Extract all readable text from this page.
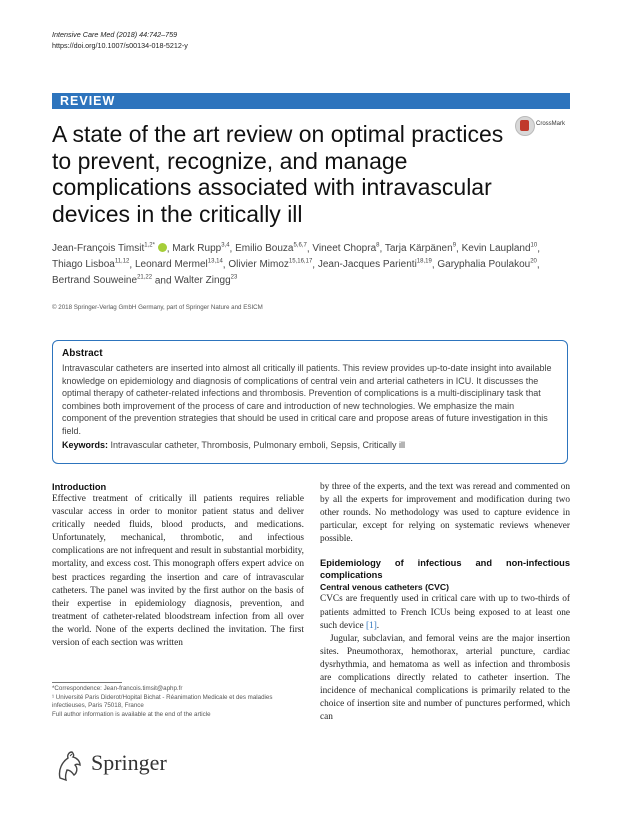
Intensive Care Med (2018) 44:742–759
https://doi.org/10.1007/s00134-018-5212-y
REVIEW
CrossMark
A state of the art review on optimal practices to prevent, recognize, and manage complications associated with intravascular devices in the critically ill
Jean-François Timsit$^{1,2*}$ , Mark Rupp$^{3,4}$, Emilio Bouza$^{5,6,7}$, Vineet Chopra$^8$, Tarja Kärpänen$^9$, Kevin Laupland$^{10}$, Thiago Lisboa$^{11,12}$, Leonard Mermel$^{13,14}$, Olivier Mimoz$^{15,16,17}$, Jean-Jacques Parienti$^{18,19}$, Garyphalia Poulakou$^{20}$, Bertrand Souweine$^{21,22}$ and Walter Zingg$^{23}$
© 2018 Springer-Verlag GmbH Germany, part of Springer Nature and ESICM
Abstract
Intravascular catheters are inserted into almost all critically ill patients. This review provides up-to-date insight into available knowledge on epidemiology and diagnosis of complications of central vein and arterial catheters in ICU. It discusses the optimal therapy of catheter-related infections and thrombosis. Prevention of complications is a multi-disciplinary task that combines both improvement of the process of care and introduction of new technologies. We emphasize the main component of the prevention strategies that should be used in critical care and propose areas of future investigation in this field.
Keywords: Intravascular catheter, Thrombosis, Pulmonary emboli, Sepsis, Critically ill
Introduction

Effective treatment of critically ill patients requires reliable vascular access in order to monitor patient status and deliver critically needed fluids, blood products, and medications. Unfortunately, mechanical, thrombotic, and infectious complications are not infrequent and result in substantial morbidity, mortality, and excess cost. This monograph offers expert advice on best practices regarding the insertion and care of intravascular catheters. The panel was invited by the first author on the basis of their expertise in epidemiology diagnosis, prevention, and treatment of catheter-related bloodstream infection from all over the world. None of the experts declined the invitation. The first version of each section was written

by three of the experts, and the text was reread and commented on by all the experts for improvement and modification during two other rounds. No methodology was used to capture evidence in particular, except for relying on systematic reviews whenever possible.

Epidemiology of infectious and non-infectious complications
Central venous catheters (CVC)

CVCs are frequently used in critical care with up to two-thirds of patients admitted to French ICUs being exposed to at least one such device [1].

Jugular, subclavian, and femoral veins are the major insertion sites. Pneumothorax, hemothorax, arterial puncture, cardiac dysrhythmia, and hematoma as well as infection and thrombosis are complications directly related to catheter insertion. The incidence of mechanical complications is primarily related to the choice of insertion site and number of punctures performed, which can

*Correspondence: Jean-francois.timsit@aphp.fr
¹ Université Paris Diderot/Hopital Bichat - Réanimation Medicale et des maladies infectieuses, Paris 75018, France
Full author information is available at the end of the article
Springer
